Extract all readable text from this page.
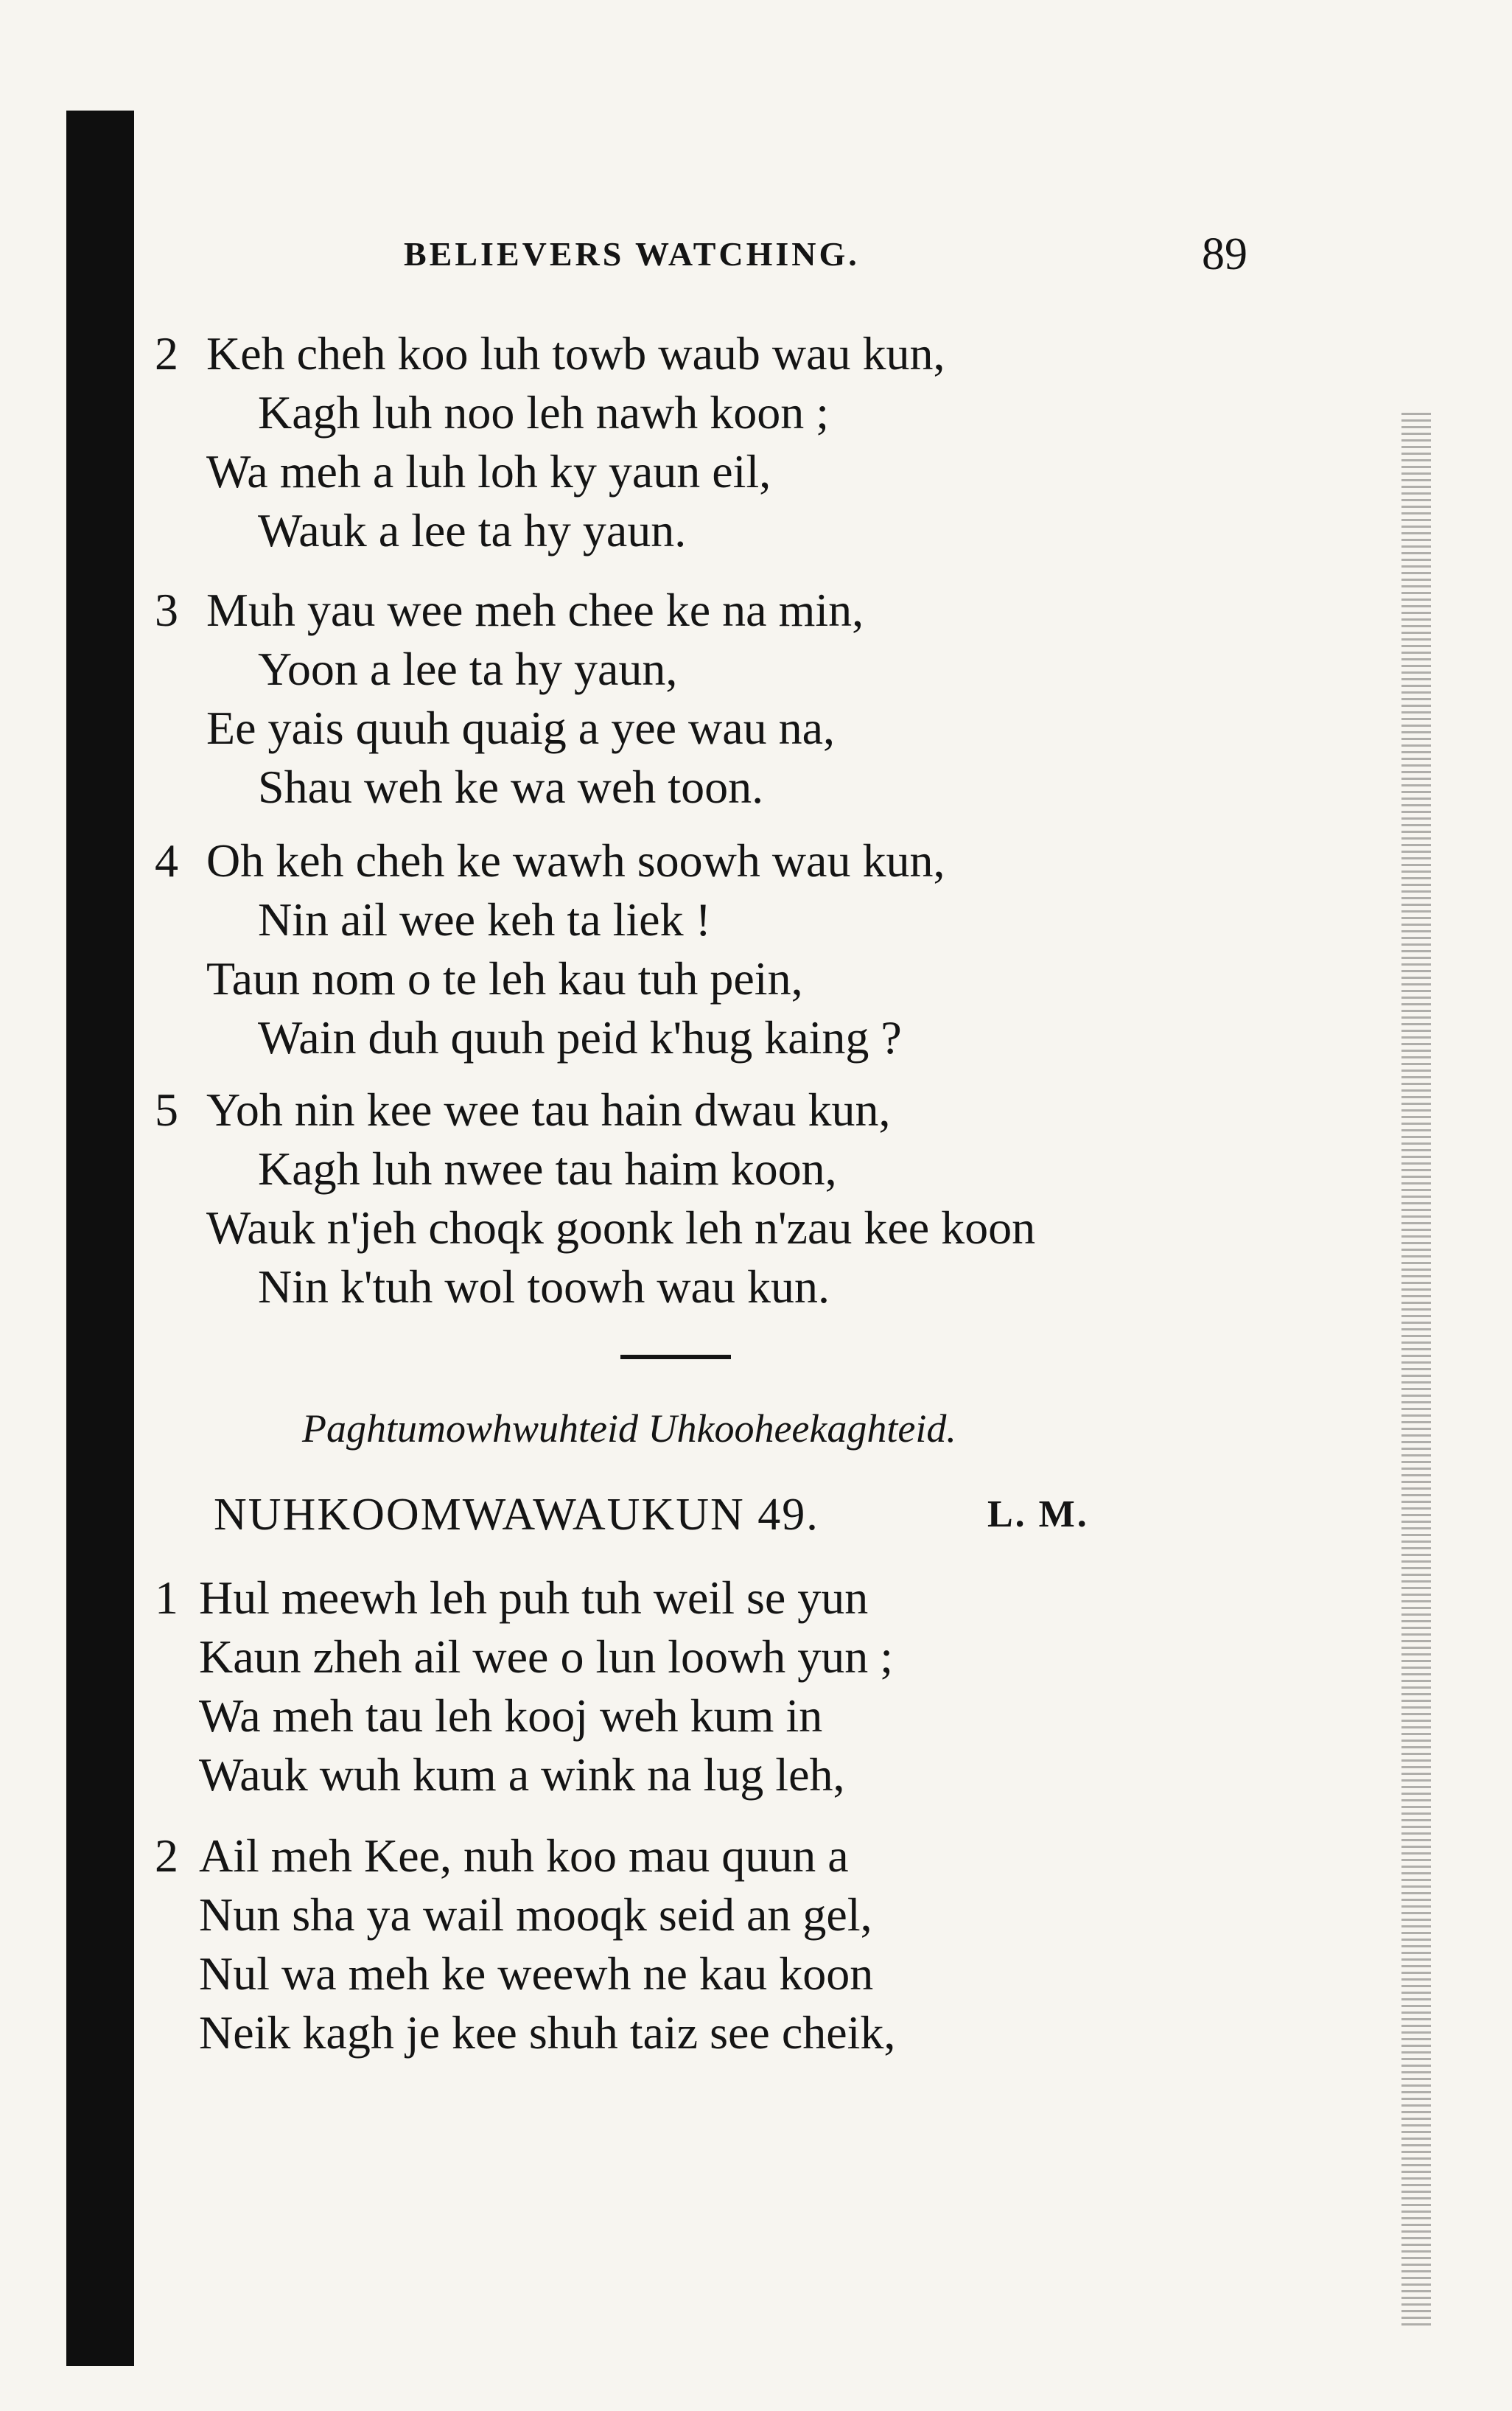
BELIEVERS WATCHING.	89
2 Keh cheh koo luh towb waub wau kun,
Kagh luh noo leh nawh koon ;
Wa meh a luh loh ky yaun eil,
Wauk a lee ta hy yaun.
3 Muh yau wee meh chee ke na min,
Yoon a lee ta hy yaun,
Ee yais quuh quaig a yee wau na,
Shau weh ke wa weh toon.
4 Oh keh cheh ke wawh soowh wau kun,
Nin ail wee keh ta liek !
Taun nom o te leh kau tuh pein,
Wain duh quuh peid k'hug kaing ?
5 Yoh nin kee wee tau hain dwau kun,
Kagh luh nwee tau haim koon,
Wauk n'jeh choqk goonk leh n'zau kee koon
Nin k'tuh wol toowh wau kun.
Paghtumowhwuhteid Uhkooheekaghteid.
NUHKOOMWAWAUKUN 49.	L. M.
1 Hul meewh leh puh tuh weil se yun
Kaun zheh ail wee o lun loowh yun ;
Wa meh tau leh kooj weh kum in
Wauk wuh kum a wink na lug leh,
2 Ail meh Kee, nuh koo mau quun a
Nun sha ya wail mooqk seid an gel,
Nul wa meh ke weewh ne kau koon
Neik kagh je kee shuh taiz see cheik,
